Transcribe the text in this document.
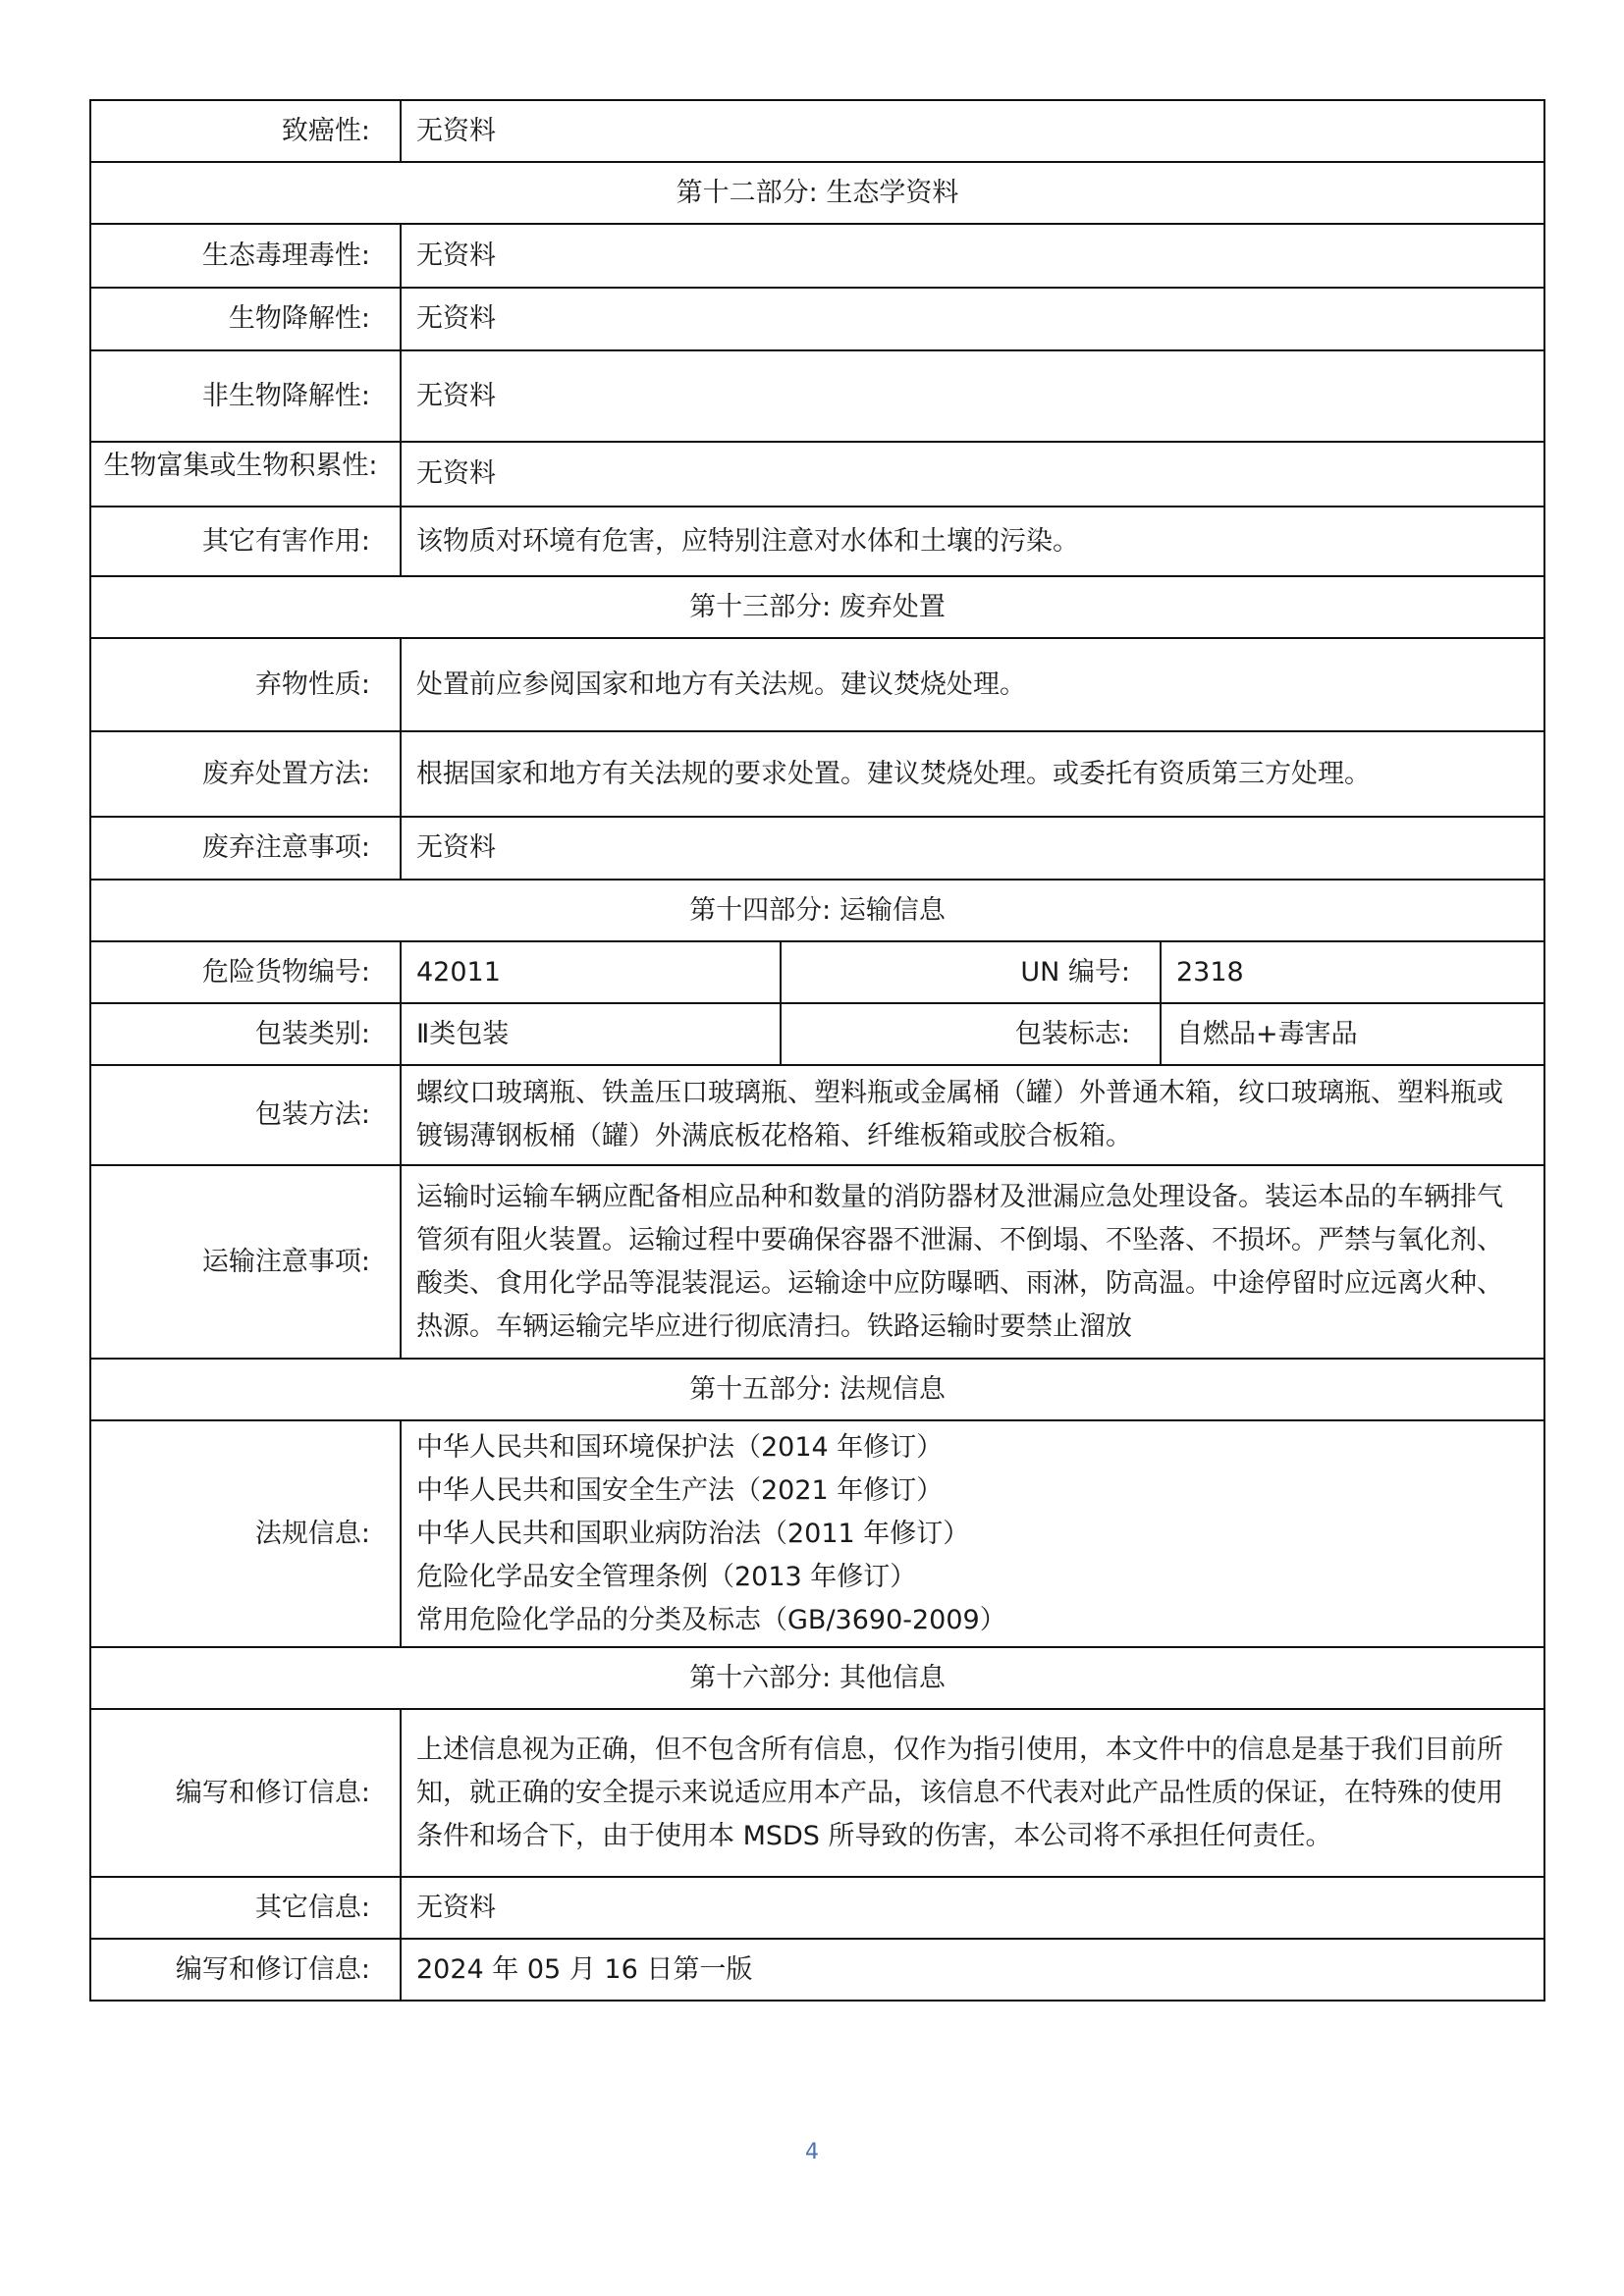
致癌性:	无资料
第十二部分: 生态学资料
生态毒理毒性:	无资料
生物降解性:	无资料
非生物降解性:	无资料
生物富集或生物积累性:	无资料
其它有害作用:	该物质对环境有危害，应特别注意对水体和土壤的污染。
第十三部分: 废弃处置
弃物性质:	处置前应参阅国家和地方有关法规。建议焚烧处理。
废弃处置方法:	根据国家和地方有关法规的要求处置。建议焚烧处理。或委托有资质第三方处理。
废弃注意事项:	无资料
第十四部分: 运输信息
危险货物编号:	42011	UN 编号:	2318
包装类别:	Ⅱ类包装	包装标志:	自燃品+毒害品
包装方法:
螺纹口玻璃瓶、铁盖压口玻璃瓶、塑料瓶或金属桶（罐）外普通木箱，纹口玻璃瓶、塑料瓶或镀锡薄钢板桶（罐）外满底板花格箱、纤维板箱或胶合板箱。
运输注意事项:
运输时运输车辆应配备相应品种和数量的消防器材及泄漏应急处理设备。装运本品的车辆排气管须有阻火装置。运输过程中要确保容器不泄漏、不倒塌、不坠落、不损坏。严禁与氧化剂、酸类、食用化学品等混装混运。运输途中应防曝晒、雨淋，防高温。中途停留时应远离火种、热源。车辆运输完毕应进行彻底清扫。铁路运输时要禁止溜放
第十五部分: 法规信息
法规信息:
中华人民共和国环境保护法（2014 年修订）
中华人民共和国安全生产法（2021 年修订）
中华人民共和国职业病防治法（2011 年修订）
危险化学品安全管理条例（2013 年修订）
常用危险化学品的分类及标志（GB/3690-2009）
第十六部分: 其他信息
编写和修订信息:
上述信息视为正确，但不包含所有信息，仅作为指引使用，本文件中的信息是基于我们目前所知，就正确的安全提示来说适应用本产品，该信息不代表对此产品性质的保证，在特殊的使用条件和场合下，由于使用本 MSDS 所导致的伤害，本公司将不承担任何责任。
其它信息:	无资料
编写和修订信息:	2024 年 05 月 16 日第一版
4
